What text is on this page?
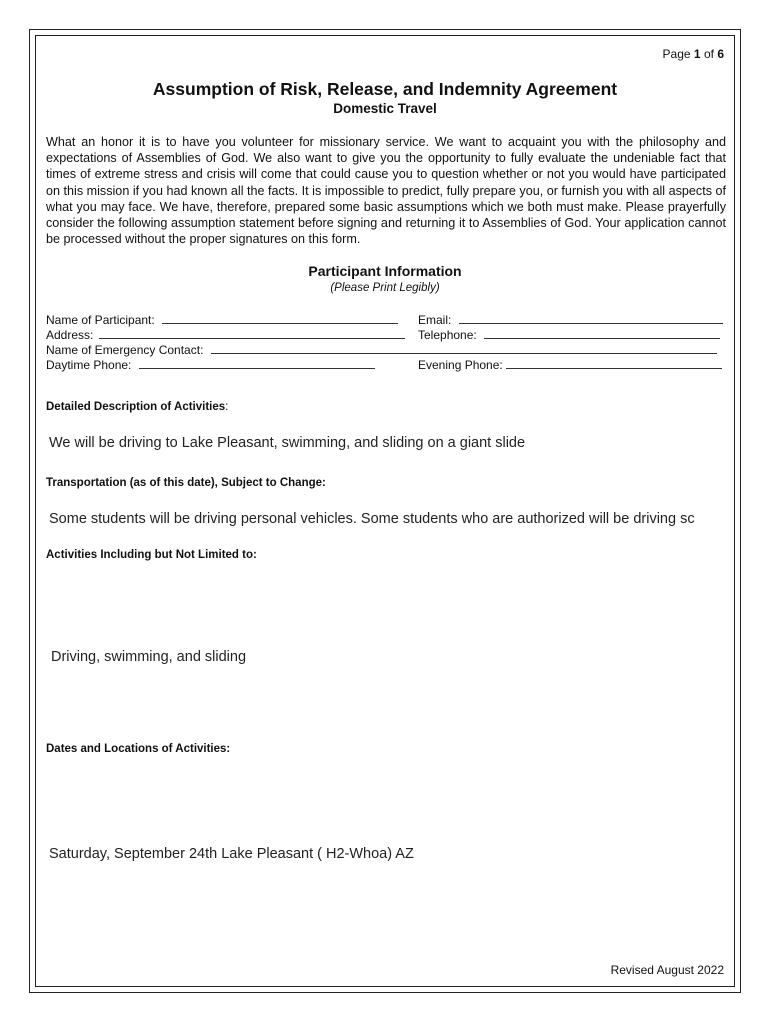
Page 1 of 6
Assumption of Risk, Release, and Indemnity Agreement
Domestic Travel
What an honor it is to have you volunteer for missionary service. We want to acquaint you with the philosophy and expectations of Assemblies of God. We also want to give you the opportunity to fully evaluate the undeniable fact that times of extreme stress and crisis will come that could cause you to question whether or not you would have participated on this mission if you had known all the facts. It is impossible to predict, fully prepare you, or furnish you with all aspects of what you may face. We have, therefore, prepared some basic assumptions which we both must make. Please prayerfully consider the following assumption statement before signing and returning it to Assemblies of God. Your application cannot be processed without the proper signatures on this form.
Participant Information
(Please Print Legibly)
Name of Participant:	Email:
Address:	Telephone:
Name of Emergency Contact:
Daytime Phone:	Evening Phone:
Detailed Description of Activities:
We will be driving to Lake Pleasant, swimming, and sliding on a giant slide
Transportation (as of this date), Subject to Change:
Some students will be driving personal vehicles. Some students who are authorized will be driving sc
Activities Including but Not Limited to:
Driving, swimming, and sliding
Dates and Locations of Activities:
Saturday, September 24th Lake Pleasant ( H2-Whoa) AZ
Revised August 2022
